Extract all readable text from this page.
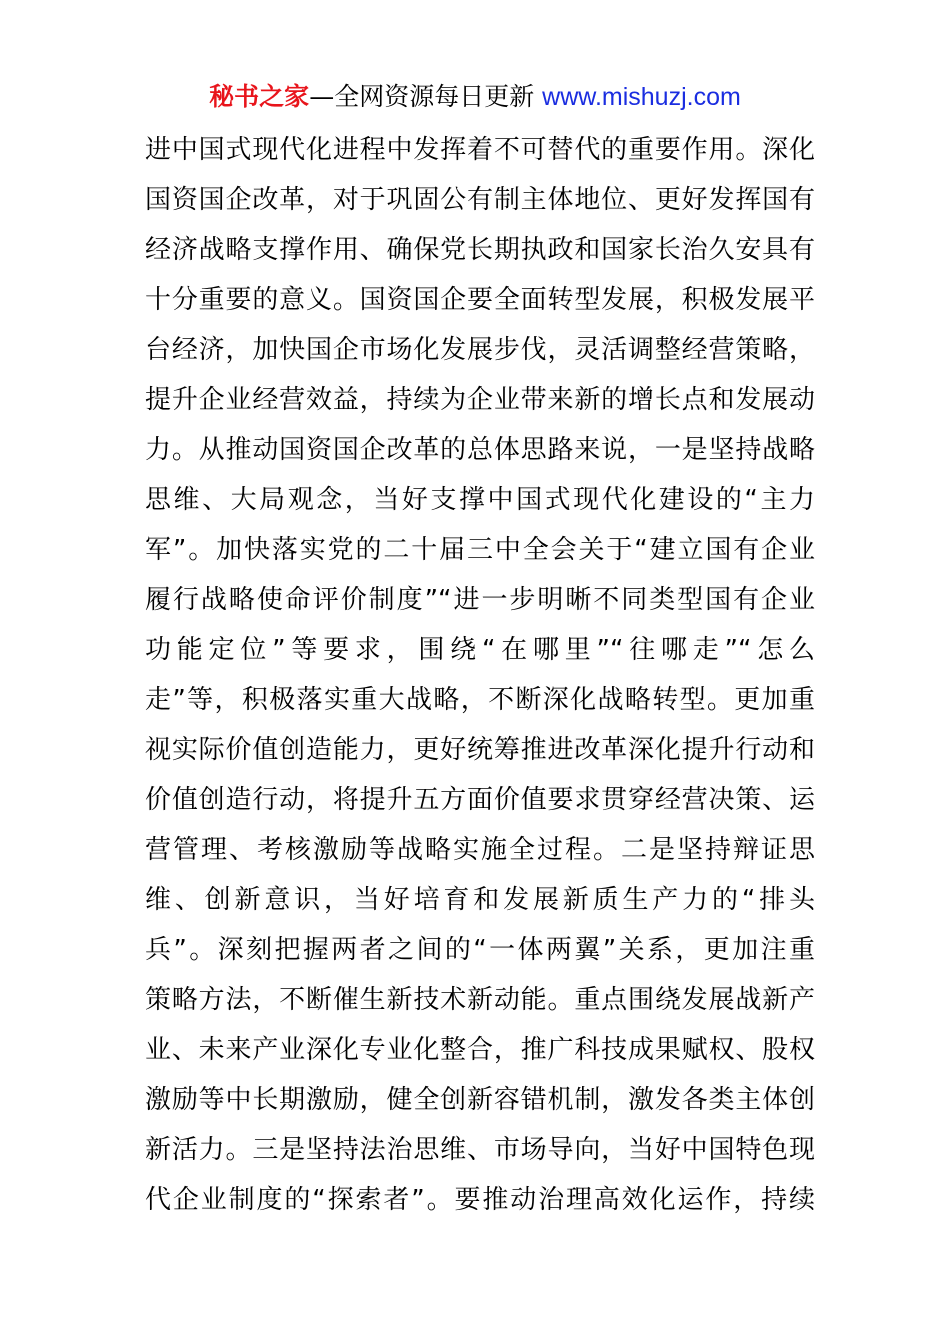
秘书之家—全网资源每日更新 www.mishuzj.com
进中国式现代化进程中发挥着不可替代的重要作用。深化
国资国企改革，对于巩固公有制主体地位、更好发挥国有
经济战略支撑作用、确保党长期执政和国家长治久安具有
十分重要的意义。国资国企要全面转型发展，积极发展平
台经济，加快国企市场化发展步伐，灵活调整经营策略，
提升企业经营效益，持续为企业带来新的增长点和发展动
力。从推动国资国企改革的总体思路来说，一是坚持战略
思维、大局观念，当好支撑中国式现代化建设的“主力
军”。加快落实党的二十届三中全会关于“建立国有企业
履行战略使命评价制度”“进一步明晰不同类型国有企业
功能定位”等要求，围绕“在哪里”“往哪走”“怎么
走”等，积极落实重大战略，不断深化战略转型。更加重
视实际价值创造能力，更好统筹推进改革深化提升行动和
价值创造行动，将提升五方面价值要求贯穿经营决策、运
营管理、考核激励等战略实施全过程。二是坚持辩证思
维、创新意识，当好培育和发展新质生产力的“排头
兵”。深刻把握两者之间的“一体两翼”关系，更加注重
策略方法，不断催生新技术新动能。重点围绕发展战新产
业、未来产业深化专业化整合，推广科技成果赋权、股权
激励等中长期激励，健全创新容错机制，激发各类主体创
新活力。三是坚持法治思维、市场导向，当好中国特色现
代企业制度的“探索者”。要推动治理高效化运作，持续
